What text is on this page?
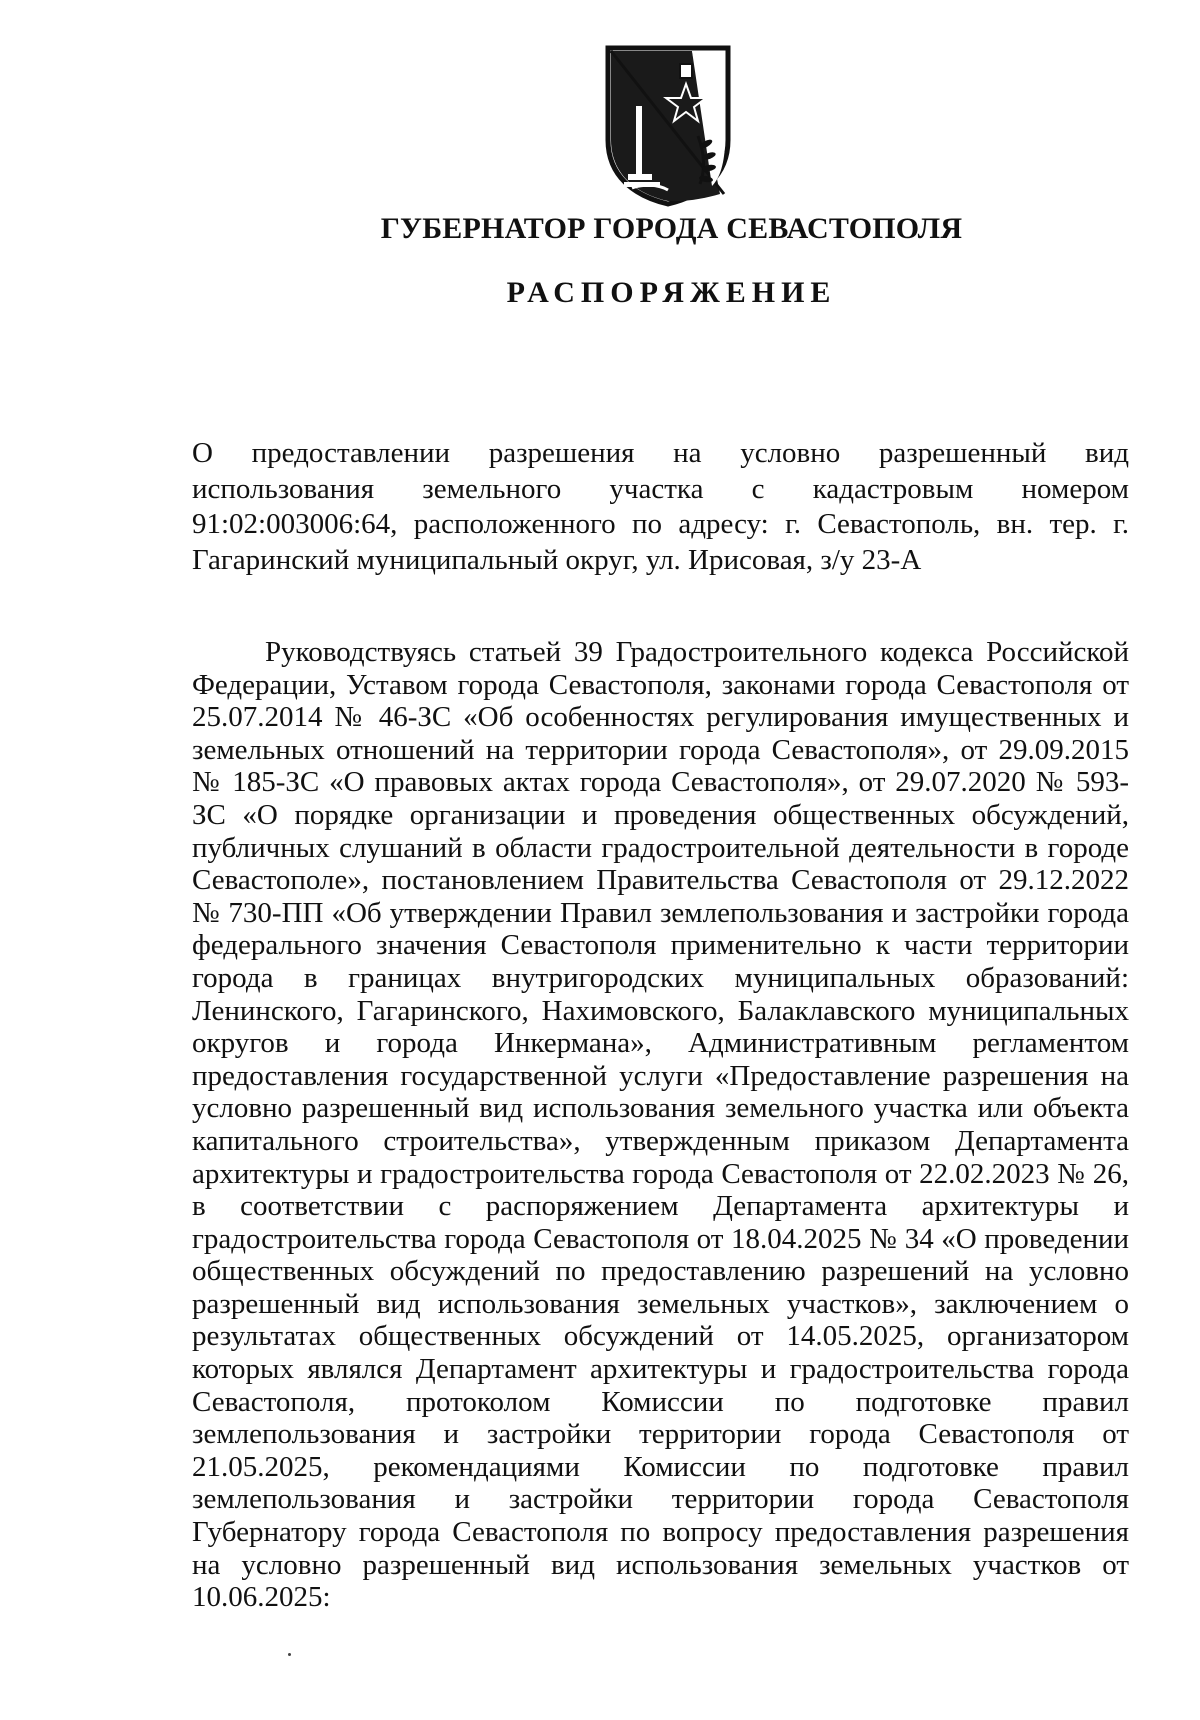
ГУБЕРНАТОР ГОРОДА СЕВАСТОПОЛЯ
РАСПОРЯЖЕНИЕ
О предоставлении разрешения на условно разрешенный вид использования земельного участка с кадастровым номером 91:02:003006:64, расположенного по адресу: г. Севастополь, вн. тер. г. Гагаринский муниципальный округ, ул. Ирисовая, з/у 23-А
Руководствуясь статьей 39 Градостроительного кодекса Российской Федерации, Уставом города Севастополя, законами города Севастополя от 25.07.2014 № 46-ЗС «Об особенностях регулирования имущественных и земельных отношений на территории города Севастополя», от 29.09.2015 № 185-ЗС «О правовых актах города Севастополя», от 29.07.2020 № 593-ЗС «О порядке организации и проведения общественных обсуждений, публичных слушаний в области градостроительной деятельности в городе Севастополе», постановлением Правительства Севастополя от 29.12.2022 № 730-ПП «Об утверждении Правил землепользования и застройки города федерального значения Севастополя применительно к части территории города в границах внутригородских муниципальных образований: Ленинского, Гагаринского, Нахимовского, Балаклавского муниципальных округов и города Инкермана», Административным регламентом предоставления государственной услуги «Предоставление разрешения на условно разрешенный вид использования земельного участка или объекта капитального строительства», утвержденным приказом Департамента архитектуры и градостроительства города Севастополя от 22.02.2023 № 26, в соответствии с распоряжением Департамента архитектуры и градостроительства города Севастополя от 18.04.2025 № 34 «О проведении общественных обсуждений по предоставлению разрешений на условно разрешенный вид использования земельных участков», заключением о результатах общественных обсуждений от 14.05.2025, организатором которых являлся Департамент архитектуры и градостроительства города Севастополя, протоколом Комиссии по подготовке правил землепользования и застройки территории города Севастополя от 21.05.2025, рекомендациями Комиссии по подготовке правил землепользования и застройки территории города Севастополя Губернатору города Севастополя по вопросу предоставления разрешения на условно разрешенный вид использования земельных участков от 10.06.2025:
